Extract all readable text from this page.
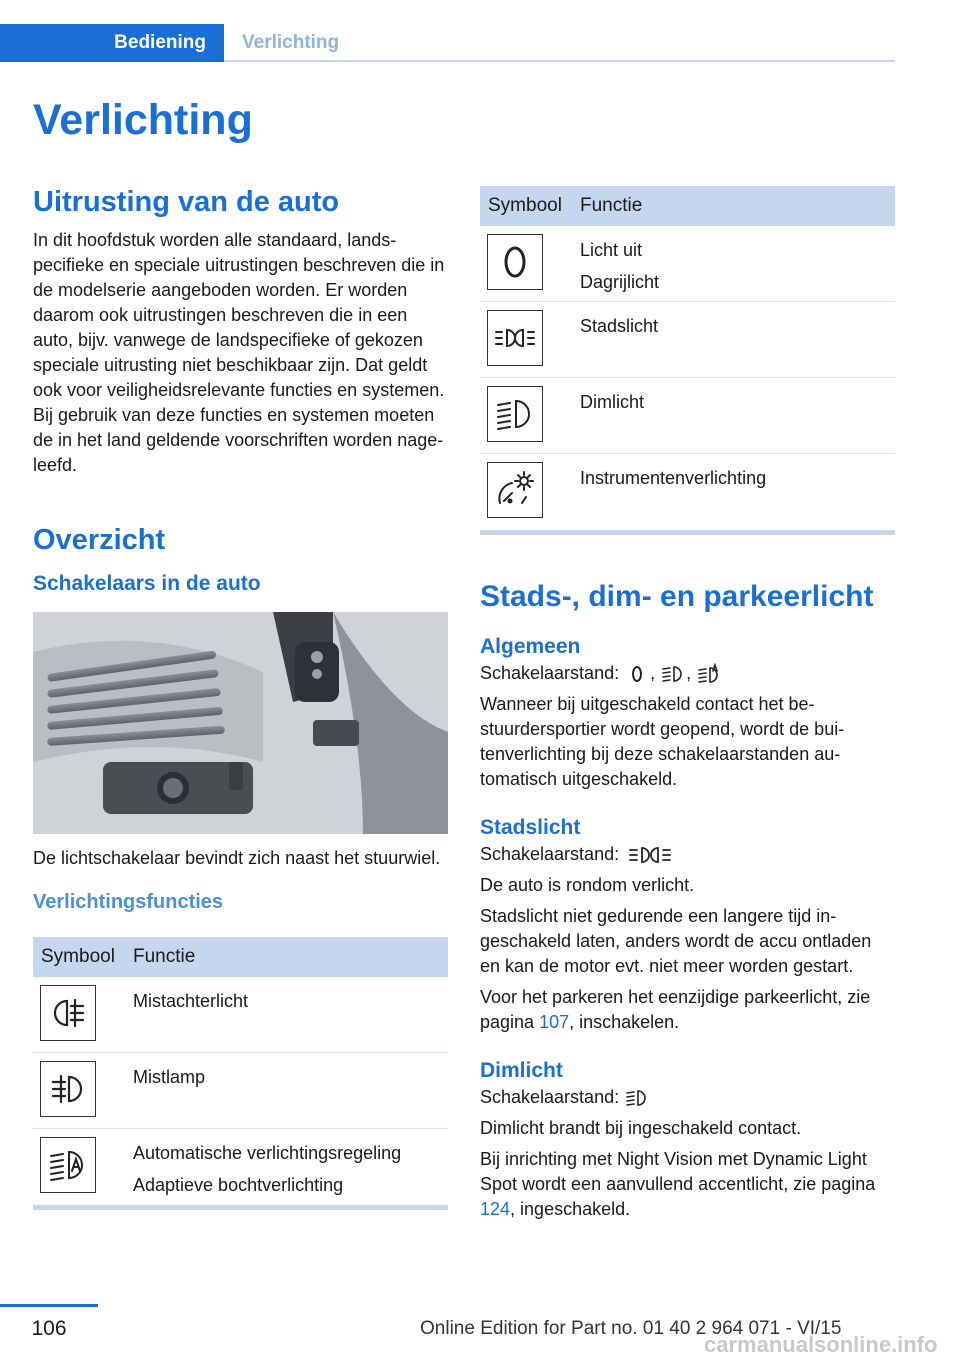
Bediening	Verlichting
Verlichting
Uitrusting van de auto

In dit hoofdstuk worden alle standaard, landspecifieke en speciale uitrustingen beschreven die in de modelserie aangeboden worden. Er worden daarom ook uitrustingen beschreven die in een auto, bijv. vanwege de landspecifieke of gekozen speciale uitrusting niet beschikbaar zijn. Dat geldt ook voor veiligheidsrelevante functies en systemen. Bij gebruik van deze functies en systemen moeten de in het land geldende voorschriften worden nageleefd.

Overzicht
Schakelaars in de auto

De lichtschakelaar bevindt zich naast het stuurwiel.

Verlichtingsfuncties
Symbool Functie
Mistachterlicht
Mistlamp
Automatische verlichtingsregeling
Adaptieve bochtverlichting
Symbool Functie
Licht uit
Dagrijlicht
Stadslicht
Dimlicht
Instrumentenverlichting
Stads-, dim- en parkeerlicht
Algemeen

Schakelaarstand: , ,

Wanneer bij uitgeschakeld contact het bestuurdersportier wordt geopend, wordt de buitenverlichting bij deze schakelaarstanden automatisch uitgeschakeld.

Stadslicht

Schakelaarstand:

De auto is rondom verlicht.

Stadslicht niet gedurende een langere tijd ingeschakeld laten, anders wordt de accu ontladen en kan de motor evt. niet meer worden gestart.

Voor het parkeren het eenzijdige parkeerlicht, zie pagina 107, inschakelen.

Dimlicht

Schakelaarstand:

Dimlicht brandt bij ingeschakeld contact.

Bij inrichting met Night Vision met Dynamic Light Spot wordt een aanvullend accentlicht, zie pagina 124, ingeschakeld.

106	Online Edition for Part no. 01 40 2 964 071 - VI/15
carmanualsonline.info
